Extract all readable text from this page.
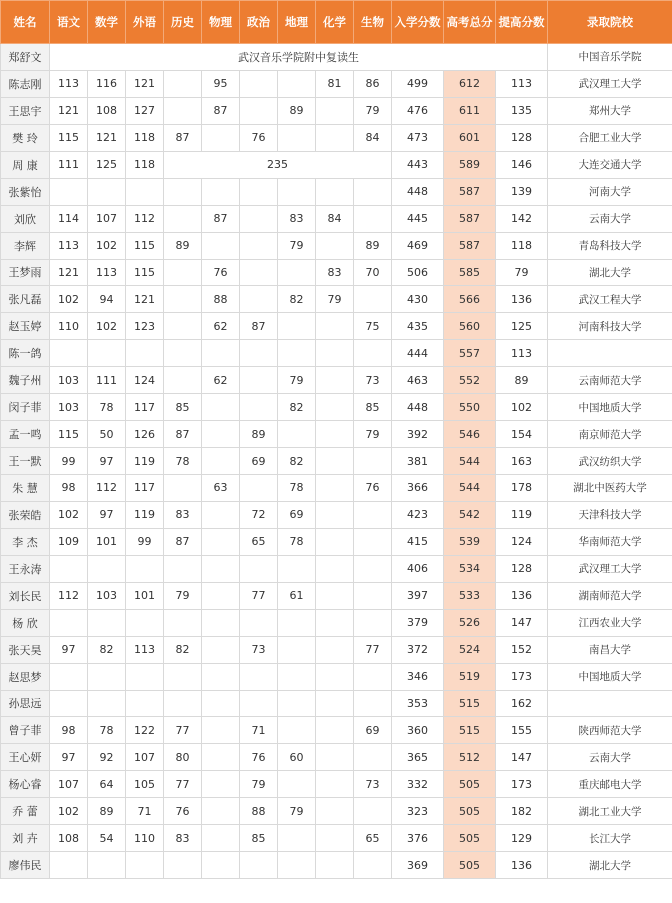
姓名	语文	数学	外语	历史	物理	政治	地理	化学	生物	入学分数	高考总分	提高分数	录取院校
郑舒文	武汉音乐学院附中复读生												中国音乐学院
陈志刚	113	116	121		95			81	86	499	612	113	武汉理工大学
王思宇	121	108	127		87		89		79	476	611	135	郑州大学
樊 玲	115	121	118	87		76			84	473	601	128	合肥工业大学
周 康	111	125	118	235						443	589	146	大连交通大学
张紫怡										448	587	139	河南大学
刘欣	114	107	112		87		83	84		445	587	142	云南大学
李辉	113	102	115	89			79		89	469	587	118	青岛科技大学
王梦雨	121	113	115		76			83	70	506	585	79	湖北大学
张凡磊	102	94	121		88		82	79		430	566	136	武汉工程大学
赵玉婷	110	102	123		62	87			75	435	560	125	河南科技大学
陈一鸽										444	557	113	
魏子州	103	111	124		62		79		73	463	552	89	云南师范大学
闵子菲	103	78	117	85			82		85	448	550	102	中国地质大学
孟一鸣	115	50	126	87		89			79	392	546	154	南京师范大学
王一默	99	97	119	78		69	82			381	544	163	武汉纺织大学
朱 慧	98	112	117		63		78		76	366	544	178	湖北中医药大学
张荣皓	102	97	119	83		72	69			423	542	119	天津科技大学
李 杰	109	101	99	87		65	78			415	539	124	华南师范大学
王永涛										406	534	128	武汉理工大学
刘长民	112	103	101	79		77	61			397	533	136	湖南师范大学
杨 欣										379	526	147	江西农业大学
张天昊	97	82	113	82		73			77	372	524	152	南昌大学
赵思梦										346	519	173	中国地质大学
孙思远										353	515	162	
曾子菲	98	78	122	77		71			69	360	515	155	陕西师范大学
王心妍	97	92	107	80		76	60			365	512	147	云南大学
杨心睿	107	64	105	77		79			73	332	505	173	重庆邮电大学
乔 蕾	102	89	71	76		88	79			323	505	182	湖北工业大学
刘 卉	108	54	110	83		85			65	376	505	129	长江大学
廖伟民										369	505	136	湖北大学
